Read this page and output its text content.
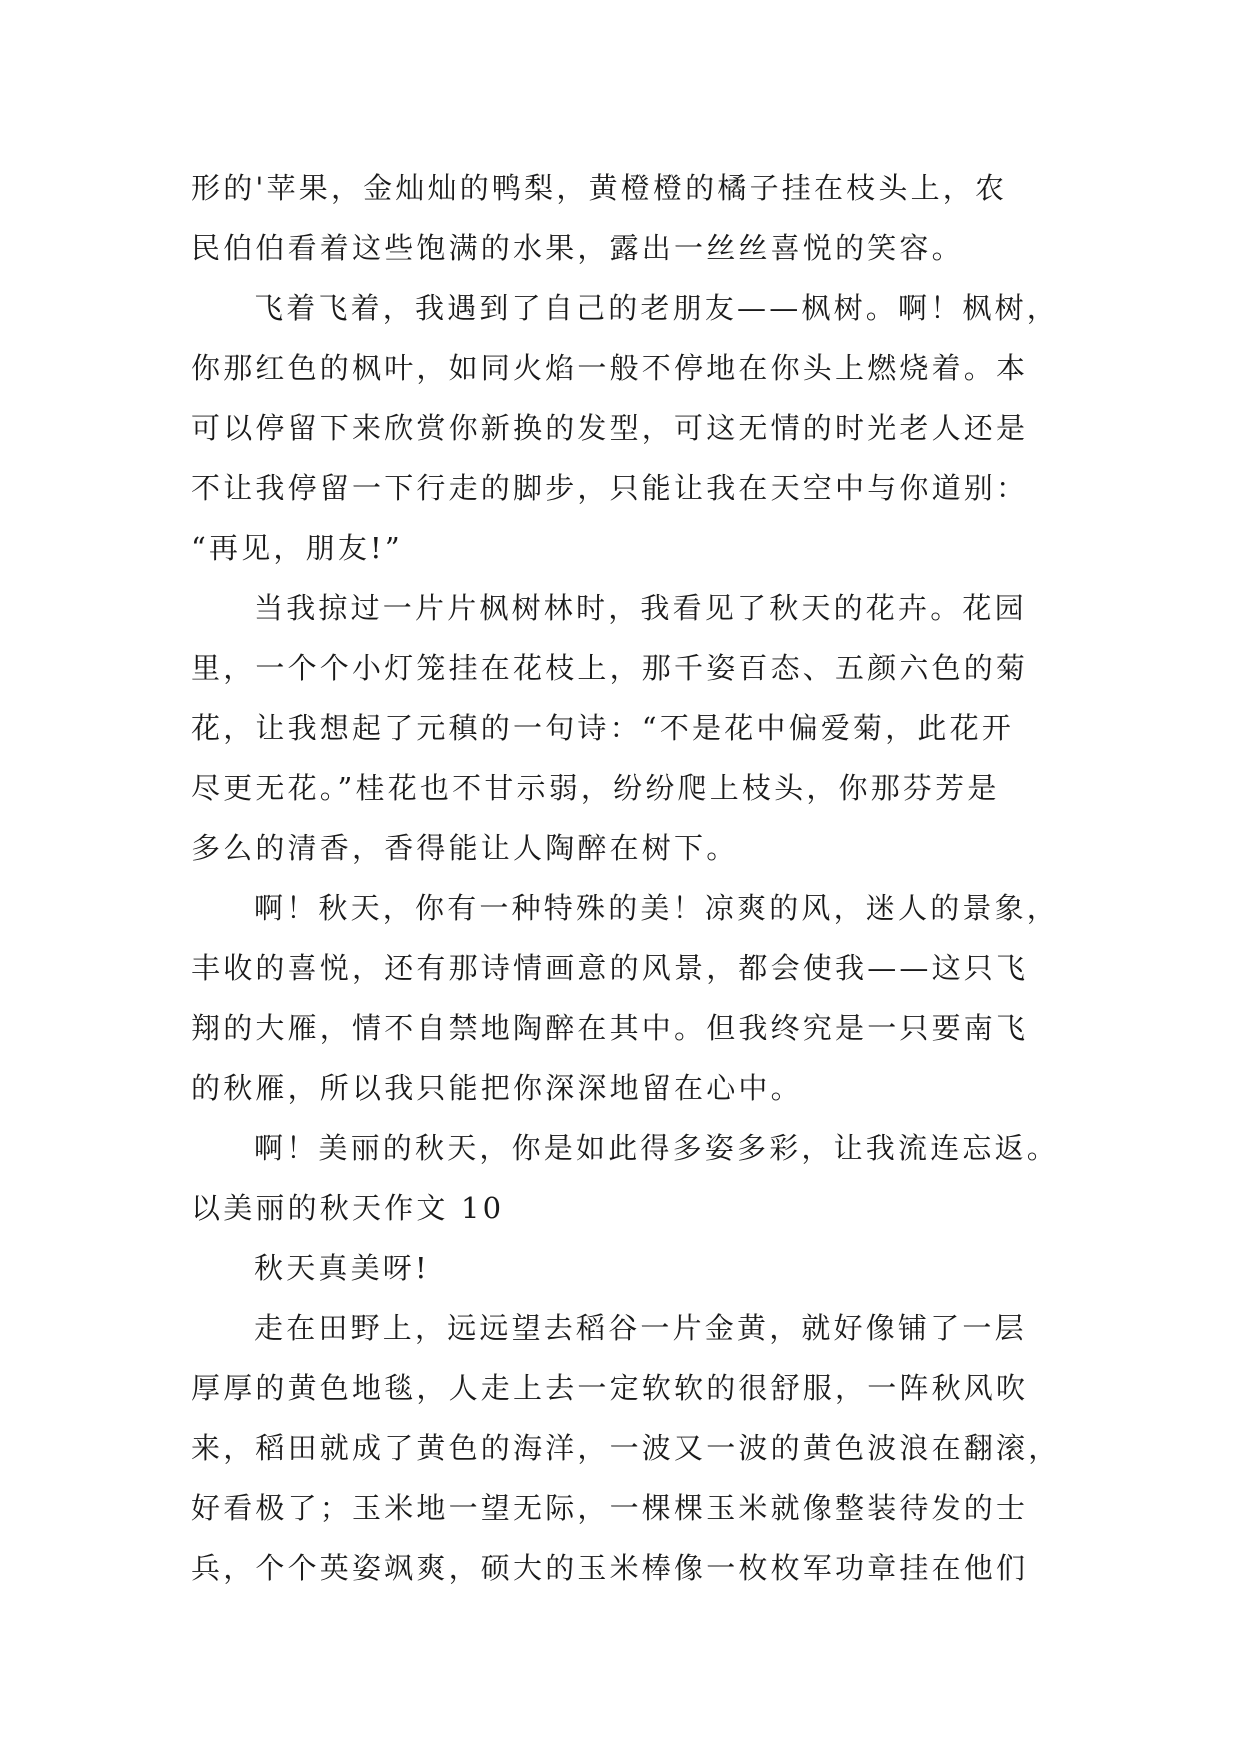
形的'苹果，金灿灿的鸭梨，黄橙橙的橘子挂在枝头上，农
民伯伯看着这些饱满的水果，露出一丝丝喜悦的笑容。
飞着飞着，我遇到了自己的老朋友——枫树。啊！枫树，
你那红色的枫叶，如同火焰一般不停地在你头上燃烧着。本
可以停留下来欣赏你新换的发型，可这无情的时光老人还是
不让我停留一下行走的脚步，只能让我在天空中与你道别：
“再见，朋友!”
当我掠过一片片枫树林时，我看见了秋天的花卉。花园
里，一个个小灯笼挂在花枝上，那千姿百态、五颜六色的菊
花，让我想起了元稹的一句诗：“不是花中偏爱菊，此花开
尽更无花。”桂花也不甘示弱，纷纷爬上枝头，你那芬芳是
多么的清香，香得能让人陶醉在树下。
啊！秋天，你有一种特殊的美！凉爽的风，迷人的景象，
丰收的喜悦，还有那诗情画意的风景，都会使我——这只飞
翔的大雁，情不自禁地陶醉在其中。但我终究是一只要南飞
的秋雁，所以我只能把你深深地留在心中。
啊！美丽的秋天，你是如此得多姿多彩，让我流连忘返。
以美丽的秋天作文 10
秋天真美呀!
走在田野上，远远望去稻谷一片金黄，就好像铺了一层
厚厚的黄色地毯，人走上去一定软软的很舒服，一阵秋风吹
来，稻田就成了黄色的海洋，一波又一波的黄色波浪在翻滚，
好看极了；玉米地一望无际，一棵棵玉米就像整装待发的士
兵，个个英姿飒爽，硕大的玉米棒像一枚枚军功章挂在他们
